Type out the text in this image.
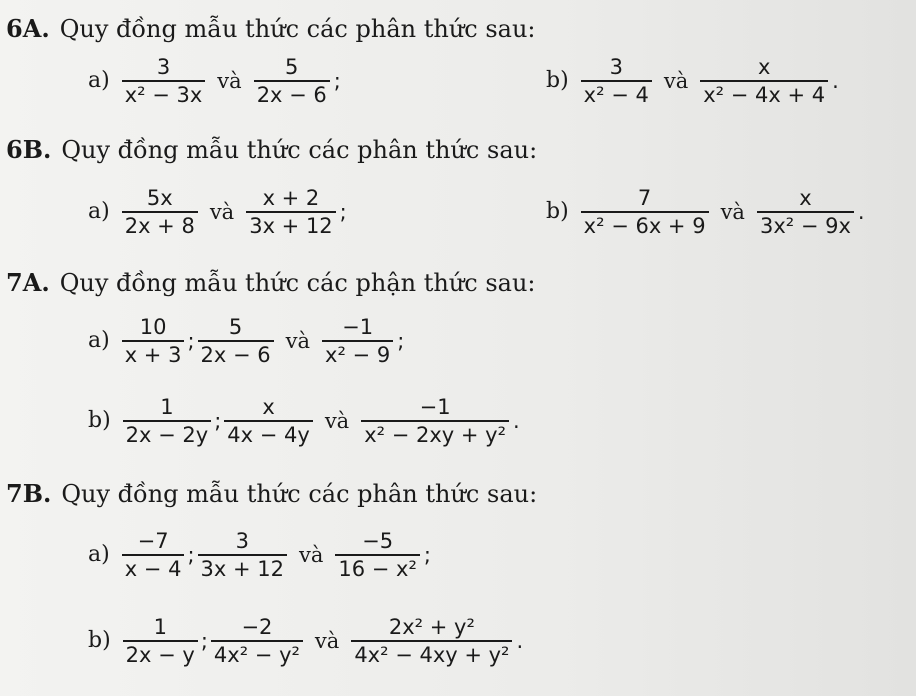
6A. Quy đồng mẫu thức các phân thức sau:
$a) \frac{3}{\text{x² − 3x}}$ và $\frac{5}{2x - 6}$ ;	$b) \frac{3}{\text{x² − 4}}$ và $\frac{x}{\text{x² − 4x + 4}}$ .
6B. Quy đồng mẫu thức các phân thức sau:
$a) \frac{5x}{2x + 8}$ và $\frac{x + 2}{3x + 12}$ ;	$b) \frac{7}{\text{x² − 6x + 9}}$ và $\frac{x}{\text{3x² − 9x}}$ .
7A. Quy đồng mẫu thức các phận thức sau:
$a) \frac{10}{x + 3}$ ; $\frac{5}{2x - 6}$ và $\frac{-1}{\text{x² − 9}}$ ;
$b) \frac{1}{2x - 2y}$ ; $\frac{x}{4x - 4y}$ và $\frac{-1}{\text{x² − 2xy + y²}}$ .
7B. Quy đồng mẫu thức các phân thức sau:
$a) \frac{-7}{x - 4}$ ; $\frac{3}{3x + 12}$ và $\frac{-5}{\text{16 − x²}}$ ;
$b) \frac{1}{2x - y}$ ; $\frac{-2}{\text{4x² − y²}}$ và $\frac{\text{2x² + y²}}{\text{4x² − 4xy + y²}}$ .
